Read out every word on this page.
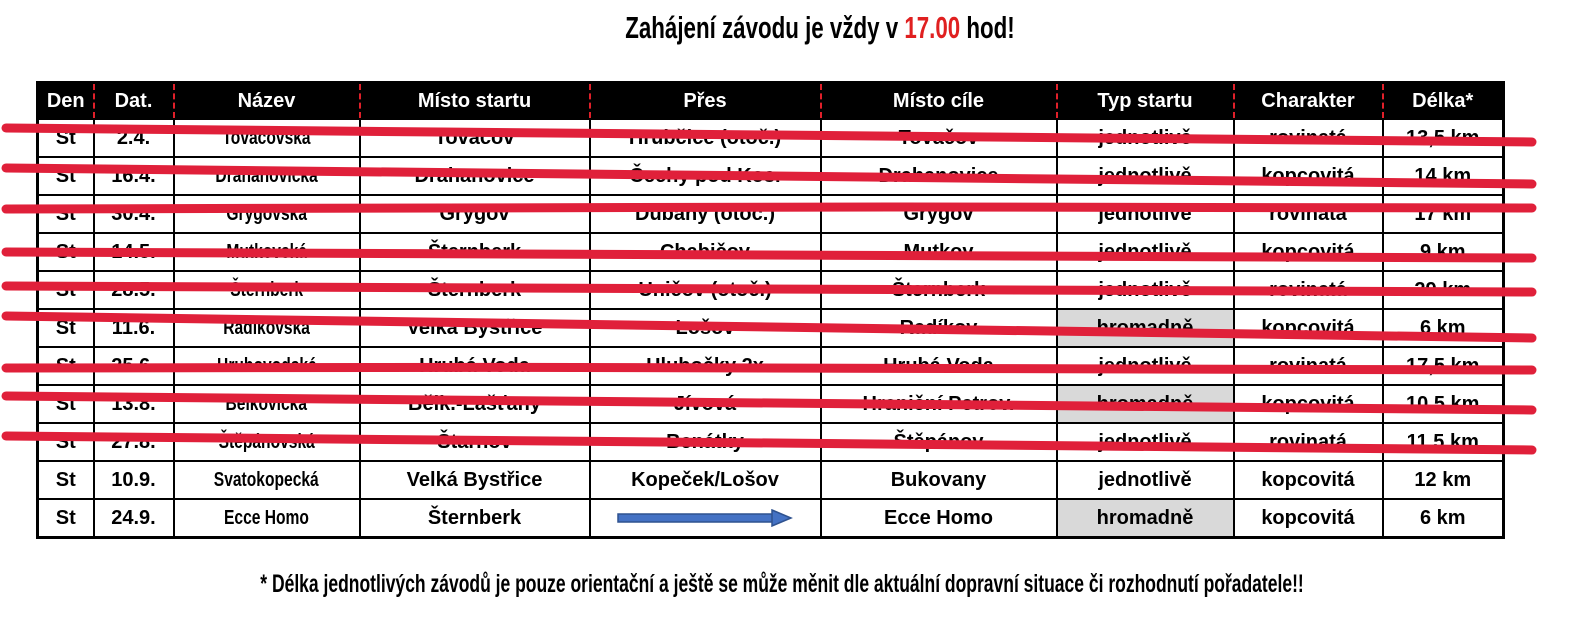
Zahájení závodu je vždy v 17.00 hod!
Den	Dat.	Název	Místo startu	Přes	Místo cíle	Typ startu	Charakter	Délka*
St	2.4.	Tovačovská	Tovačov	Hrubčice (otoč.)	Tovačov	jednotlivě	rovinatá	13,5 km
St	16.4.	Drahanovická	Drahanovice	Čechy pod Kos.	Drahanovice	jednotlivě	kopcovitá	14 km
St	30.4.	Grygovská	Grygov	Dubany (otoč.)	Grygov	jednotlivě	rovinatá	17 km
St	14.5.	Mutkovská	Šternberk	Chabičov	Mutkov	jednotlivě	kopcovitá	9 km
St	28.5.	Šternberk	Šternberk	Uničov (otoč.)	Šternberk	jednotlivě	rovinatá	29 km
St	11.6.	Radíkovská	Velká Bystřice	Lošov	Radíkov	hromadně	kopcovitá	6 km
St	25.6.	Hrubovodská	Hrubá Voda	Hlubočky 2x	Hrubá Voda	jednotlivě	rovinatá	17,5 km
St	13.8.	Bělkovická	Bělk.-Lašťany	Jívová	Hraniční Petrov.	hromadně	kopcovitá	10,5 km
St	27.8.	Štěpánovská	Štarnov	Benátky	Štěpánov	jednotlivě	rovinatá	11,5 km
St	10.9.	Svatokopecká	Velká Bystřice	Kopeček/Lošov	Bukovany	jednotlivě	kopcovitá	12 km
St	24.9.	Ecce Homo	Šternberk		Ecce Homo	hromadně	kopcovitá	6 km
* Délka jednotlivých závodů je pouze orientační a ještě se může měnit dle aktuální dopravní situace či rozhodnutí pořadatele!!
